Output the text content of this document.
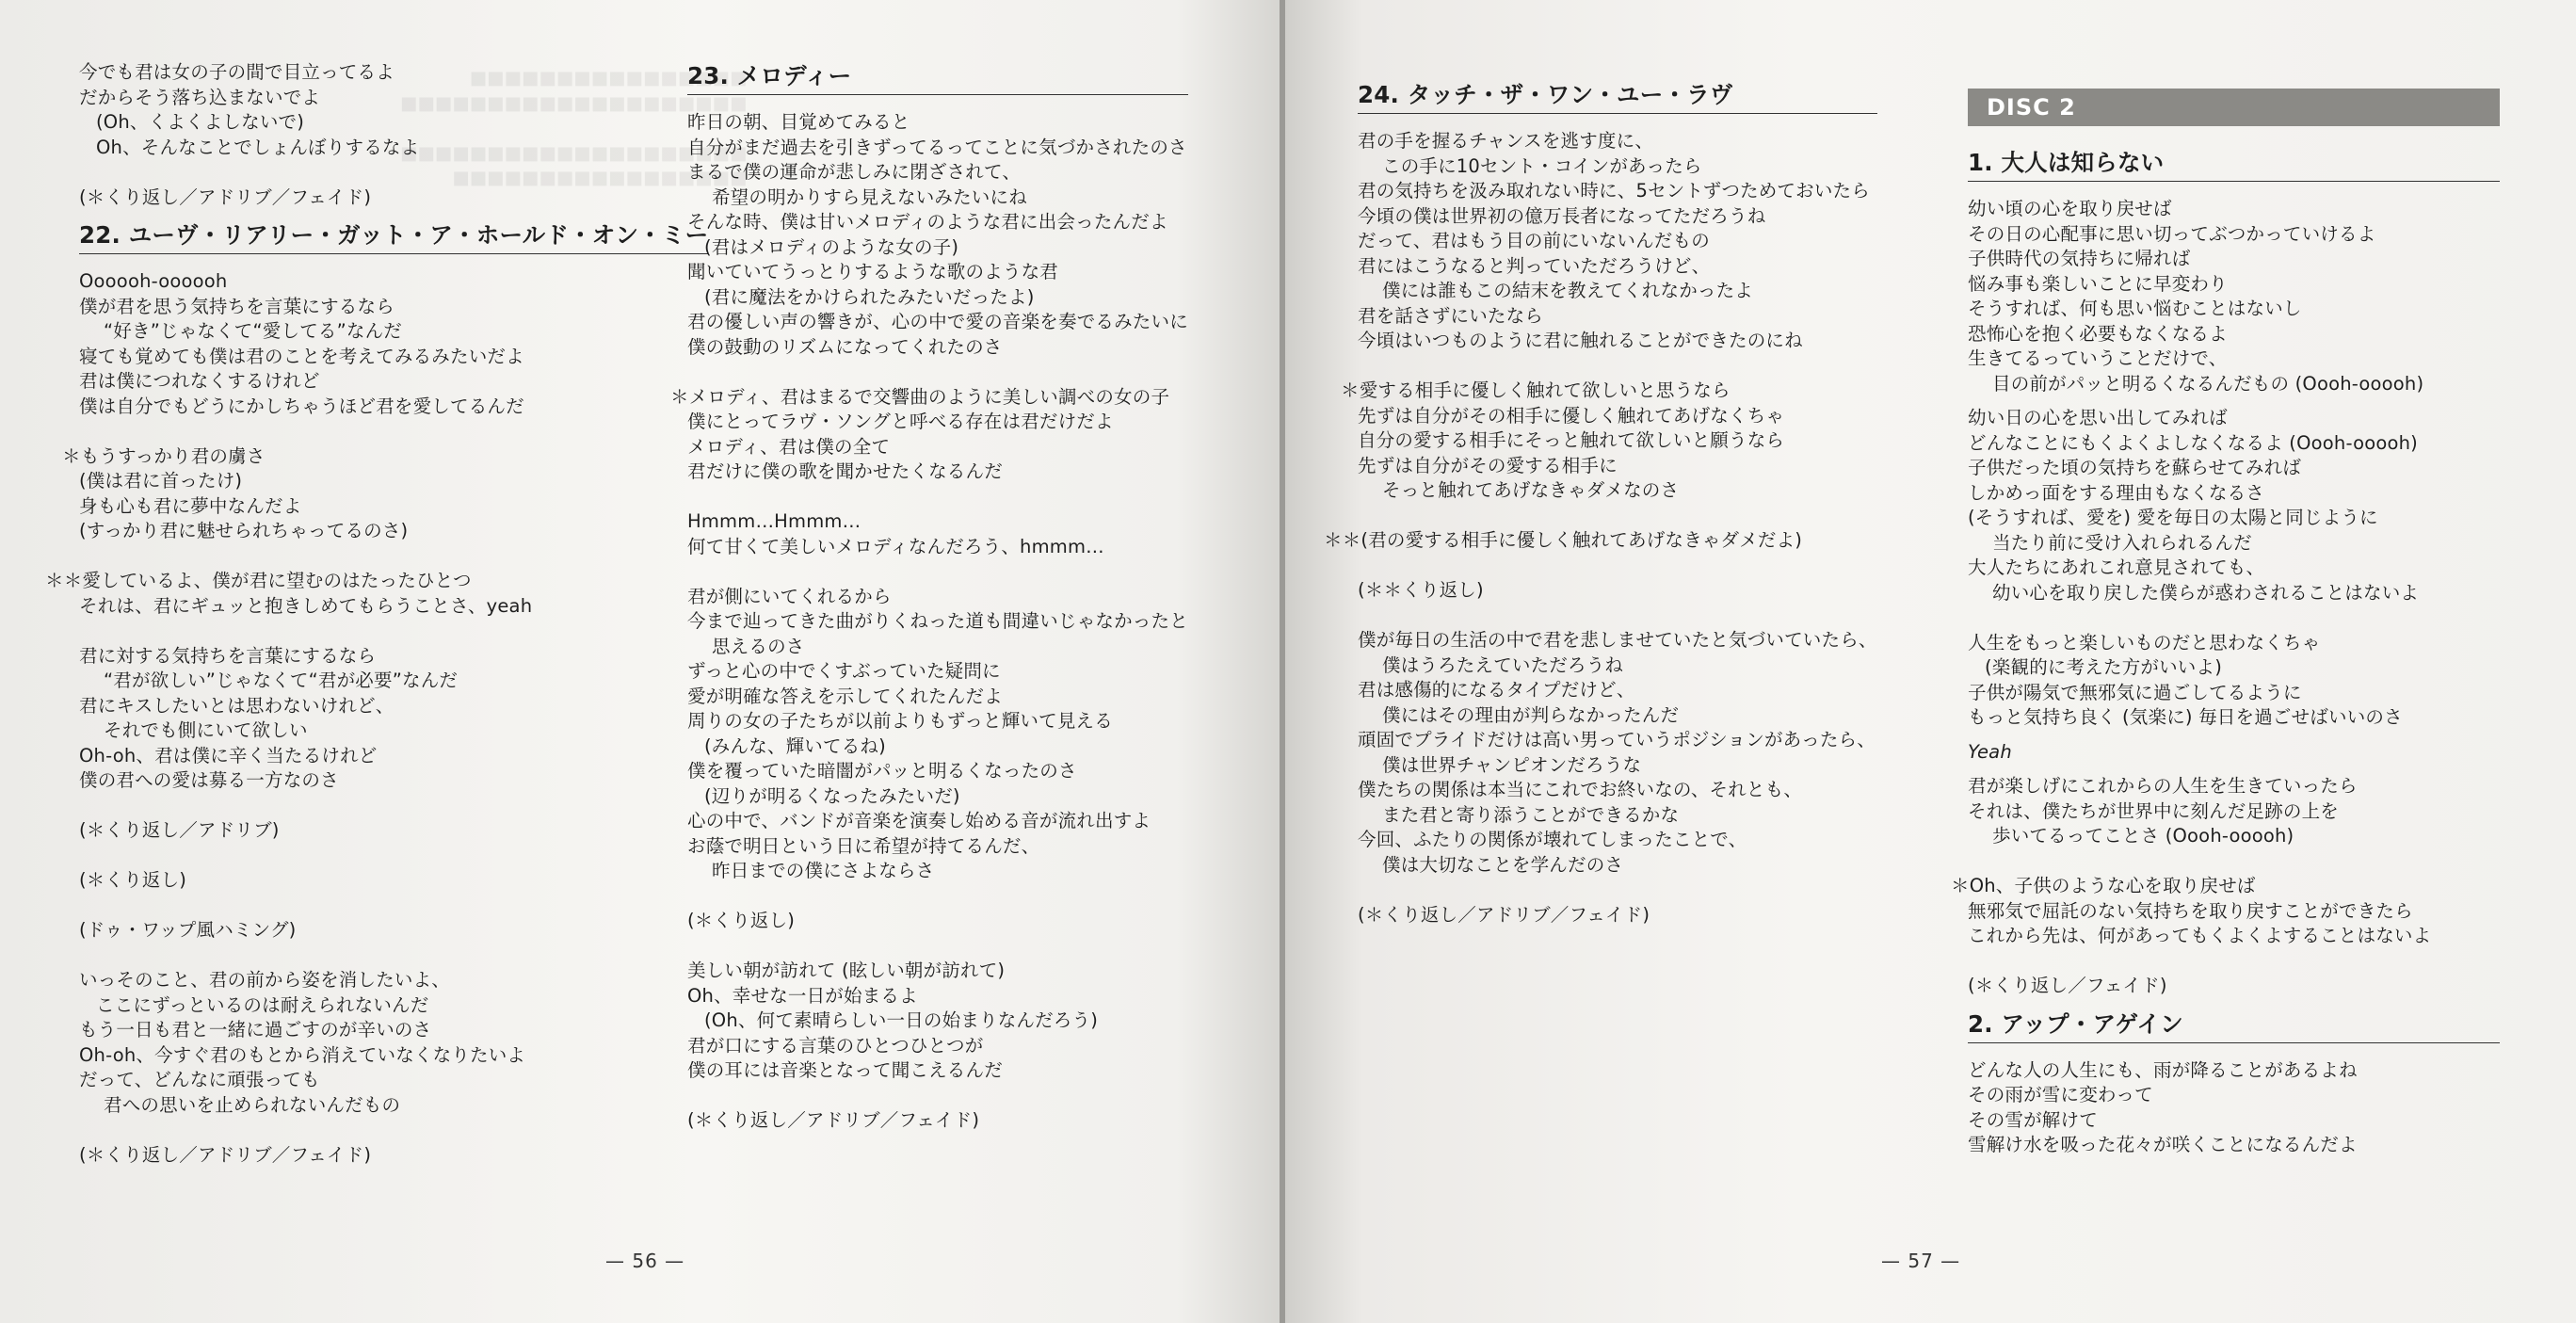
■■■■■■■■■■■■■■■■
■■■■■■■■■■■■■■■■■■■■

■■■■■■■■■■■■■■■■■■■■
■■■■■■■■■■■■■■■■■
今でも君は女の子の間で目立ってるよ
だからそう落ち込まないでよ
(Oh、くよくよしないで)
Oh、そんなことでしょんぼりするなよ
(＊くり返し／アドリブ／フェイド)
22. ユーヴ・リアリー・ガット・ア・ホールド・オン・ミー
Oooooh-oooooh
僕が君を思う気持ちを言葉にするなら
“好き”じゃなくて“愛してる”なんだ
寝ても覚めても僕は君のことを考えてみるみたいだよ
君は僕につれなくするけれど
僕は自分でもどうにかしちゃうほど君を愛してるんだ
＊もうすっかり君の虜さ
(僕は君に首ったけ)
身も心も君に夢中なんだよ
(すっかり君に魅せられちゃってるのさ)
＊＊愛しているよ、僕が君に望むのはたったひとつ
それは、君にギュッと抱きしめてもらうことさ、yeah
君に対する気持ちを言葉にするなら
“君が欲しい”じゃなくて“君が必要”なんだ
君にキスしたいとは思わないけれど、
それでも側にいて欲しい
Oh-oh、君は僕に辛く当たるけれど
僕の君への愛は募る一方なのさ
(＊くり返し／アドリブ)
(＊くり返し)
(ドゥ・ワップ風ハミング)
いっそのこと、君の前から姿を消したいよ、
ここにずっといるのは耐えられないんだ
もう一日も君と一緒に過ごすのが辛いのさ
Oh-oh、今すぐ君のもとから消えていなくなりたいよ
だって、どんなに頑張っても
君への思いを止められないんだもの
(＊くり返し／アドリブ／フェイド)
23. メロディー
昨日の朝、目覚めてみると
自分がまだ過去を引きずってるってことに気づかされたのさ
まるで僕の運命が悲しみに閉ざされて、
希望の明かりすら見えないみたいにね
そんな時、僕は甘いメロディのような君に出会ったんだよ
(君はメロディのような女の子)
聞いていてうっとりするような歌のような君
(君に魔法をかけられたみたいだったよ)
君の優しい声の響きが、心の中で愛の音楽を奏でるみたいに
僕の鼓動のリズムになってくれたのさ
＊メロディ、君はまるで交響曲のように美しい調べの女の子
僕にとってラヴ・ソングと呼べる存在は君だけだよ
メロディ、君は僕の全て
君だけに僕の歌を聞かせたくなるんだ
Hmmm…Hmmm…
何て甘くて美しいメロディなんだろう、hmmm…
君が側にいてくれるから
今まで辿ってきた曲がりくねった道も間違いじゃなかったと
思えるのさ
ずっと心の中でくすぶっていた疑問に
愛が明確な答えを示してくれたんだよ
周りの女の子たちが以前よりもずっと輝いて見える
(みんな、輝いてるね)
僕を覆っていた暗闇がパッと明るくなったのさ
(辺りが明るくなったみたいだ)
心の中で、バンドが音楽を演奏し始める音が流れ出すよ
お蔭で明日という日に希望が持てるんだ、
昨日までの僕にさよならさ
(＊くり返し)
美しい朝が訪れて (眩しい朝が訪れて)
Oh、幸せな一日が始まるよ
(Oh、何て素晴らしい一日の始まりなんだろう)
君が口にする言葉のひとつひとつが
僕の耳には音楽となって聞こえるんだ
(＊くり返し／アドリブ／フェイド)
— 56 —
24. タッチ・ザ・ワン・ユー・ラヴ
君の手を握るチャンスを逃す度に、
この手に10セント・コインがあったら
君の気持ちを汲み取れない時に、5セントずつためておいたら
今頃の僕は世界初の億万長者になってただろうね
だって、君はもう目の前にいないんだもの
君にはこうなると判っていただろうけど、
僕には誰もこの結末を教えてくれなかったよ
君を話さずにいたなら
今頃はいつものように君に触れることができたのにね
＊愛する相手に優しく触れて欲しいと思うなら
先ずは自分がその相手に優しく触れてあげなくちゃ
自分の愛する相手にそっと触れて欲しいと願うなら
先ずは自分がその愛する相手に
そっと触れてあげなきゃダメなのさ
＊＊(君の愛する相手に優しく触れてあげなきゃダメだよ)
(＊＊くり返し)
僕が毎日の生活の中で君を悲しませていたと気づいていたら、
僕はうろたえていただろうね
君は感傷的になるタイプだけど、
僕にはその理由が判らなかったんだ
頑固でプライドだけは高い男っていうポジションがあったら、
僕は世界チャンピオンだろうな
僕たちの関係は本当にこれでお終いなの、それとも、
また君と寄り添うことができるかな
今回、ふたりの関係が壊れてしまったことで、
僕は大切なことを学んだのさ
(＊くり返し／アドリブ／フェイド)
DISC 2
1. 大人は知らない
幼い頃の心を取り戻せば
その日の心配事に思い切ってぶつかっていけるよ
子供時代の気持ちに帰れば
悩み事も楽しいことに早変わり
そうすれば、何も思い悩むことはないし
恐怖心を抱く必要もなくなるよ
生きてるっていうことだけで、
目の前がパッと明るくなるんだもの (Oooh-ooooh)
幼い日の心を思い出してみれば
どんなことにもくよくよしなくなるよ (Oooh-ooooh)
子供だった頃の気持ちを蘇らせてみれば
しかめっ面をする理由もなくなるさ
(そうすれば、愛を) 愛を毎日の太陽と同じように
当たり前に受け入れられるんだ
大人たちにあれこれ意見されても、
幼い心を取り戻した僕らが惑わされることはないよ
人生をもっと楽しいものだと思わなくちゃ
(楽観的に考えた方がいいよ)
子供が陽気で無邪気に過ごしてるように
もっと気持ち良く (気楽に) 毎日を過ごせばいいのさ
Yeah
君が楽しげにこれからの人生を生きていったら
それは、僕たちが世界中に刻んだ足跡の上を
歩いてるってことさ (Oooh-ooooh)
＊Oh、子供のような心を取り戻せば
無邪気で屈託のない気持ちを取り戻すことができたら
これから先は、何があってもくよくよすることはないよ
(＊くり返し／フェイド)
2. アップ・アゲイン
どんな人の人生にも、雨が降ることがあるよね
その雨が雪に変わって
その雪が解けて
雪解け水を吸った花々が咲くことになるんだよ
— 57 —
